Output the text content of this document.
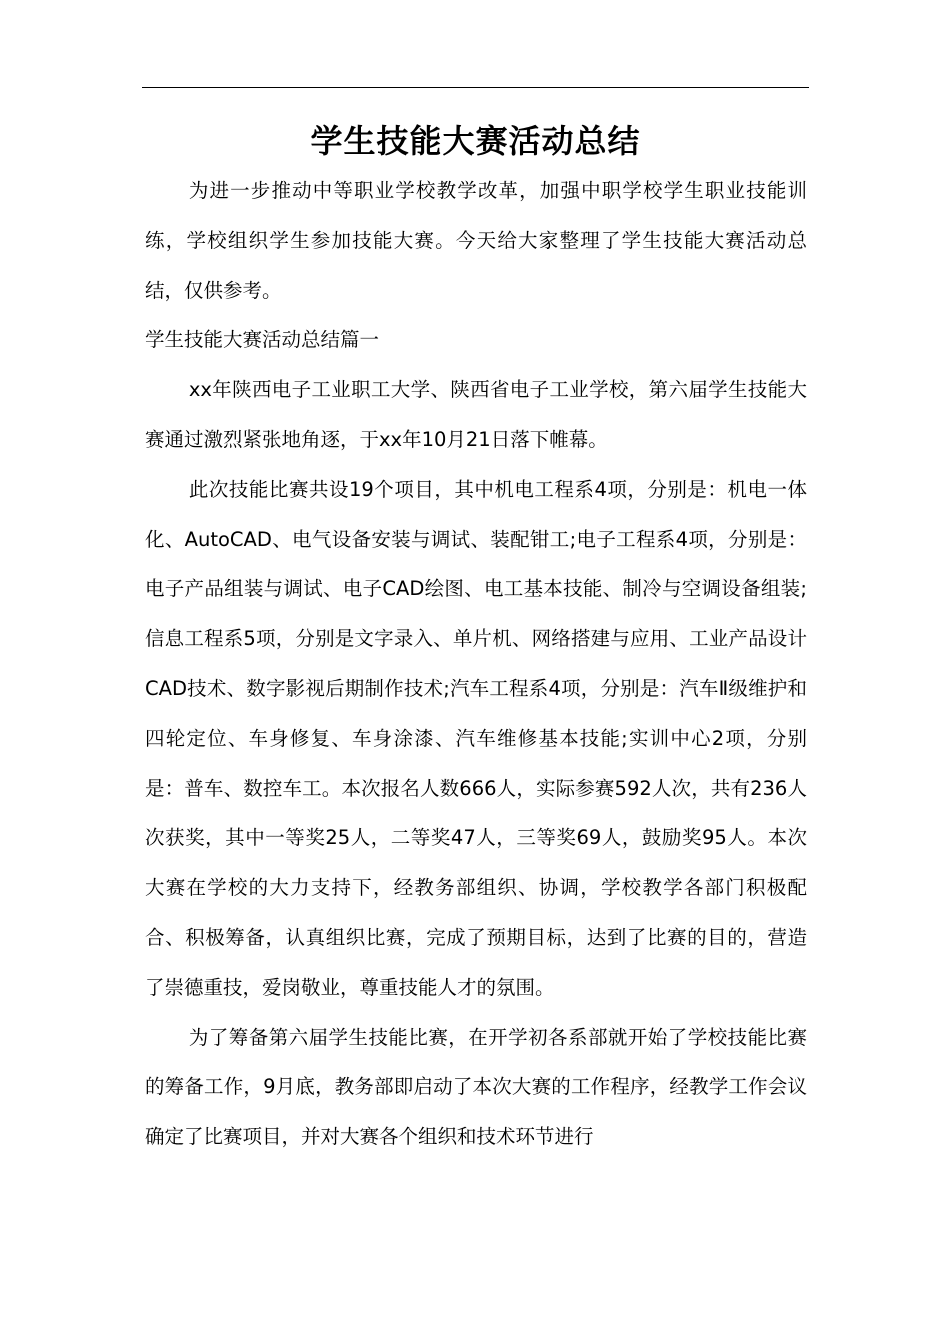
学生技能大赛活动总结

为进一步推动中等职业学校教学改革，加强中职学校学生职业技能训练，学校组织学生参加技能大赛。今天给大家整理了学生技能大赛活动总结，仅供参考。

学生技能大赛活动总结篇一

xx年陕西电子工业职工大学、陕西省电子工业学校，第六届学生技能大赛通过激烈紧张地角逐，于xx年10月21日落下帷幕。

此次技能比赛共设19个项目，其中机电工程系4项，分别是：机电一体化、AutoCAD、电气设备安装与调试、装配钳工;电子工程系4项，分别是：电子产品组装与调试、电子CAD绘图、电工基本技能、制冷与空调设备组装;信息工程系5项，分别是文字录入、单片机、网络搭建与应用、工业产品设计CAD技术、数字影视后期制作技术;汽车工程系4项，分别是：汽车Ⅱ级维护和四轮定位、车身修复、车身涂漆、汽车维修基本技能;实训中心2项，分别是：普车、数控车工。本次报名人数666人，实际参赛592人次，共有236人次获奖，其中一等奖25人，二等奖47人，三等奖69人，鼓励奖95人。本次大赛在学校的大力支持下，经教务部组织、协调，学校教学各部门积极配合、积极筹备，认真组织比赛，完成了预期目标，达到了比赛的目的，营造了崇德重技，爱岗敬业，尊重技能人才的氛围。

为了筹备第六届学生技能比赛，在开学初各系部就开始了学校技能比赛的筹备工作，9月底，教务部即启动了本次大赛的工作程序，经教学工作会议确定了比赛项目，并对大赛各个组织和技术环节进行
